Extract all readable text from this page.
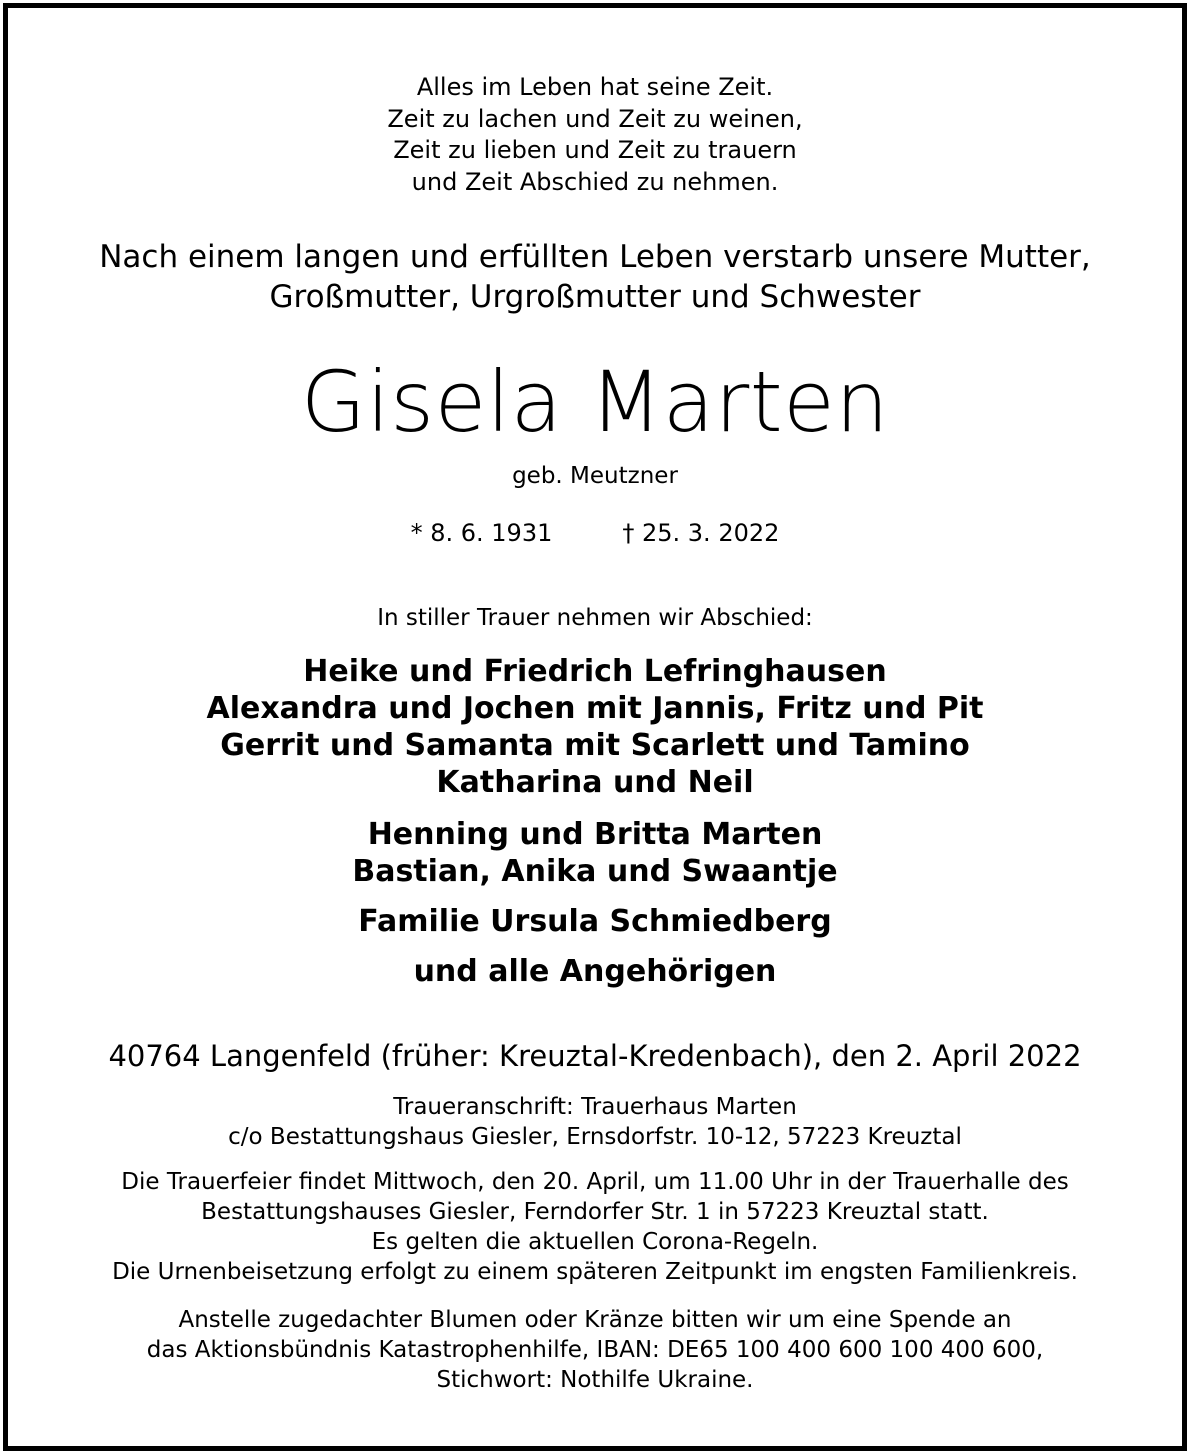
Alles im Leben hat seine Zeit.

Zeit zu lachen und Zeit zu weinen,

Zeit zu lieben und Zeit zu trauern

und Zeit Abschied zu nehmen.

Nach einem langen und erfüllten Leben verstarb unsere Mutter,

Großmutter, Urgroßmutter und Schwester

Gisela Marten

geb. Meutzner

* 8. 6. 1931	† 25. 3. 2022

In stiller Trauer nehmen wir Abschied:

Heike und Friedrich Lefringhausen

Alexandra und Jochen mit Jannis, Fritz und Pit

Gerrit und Samanta mit Scarlett und Tamino

Katharina und Neil

Henning und Britta Marten

Bastian, Anika und Swaantje

Familie Ursula Schmiedberg

und alle Angehörigen

40764 Langenfeld (früher: Kreuztal-Kredenbach), den 2. April 2022

Traueranschrift: Trauerhaus Marten

c/o Bestattungshaus Giesler, Ernsdorfstr. 10-12, 57223 Kreuztal

Die Trauerfeier findet Mittwoch, den 20. April, um 11.00 Uhr in der Trauerhalle des

Bestattungshauses Giesler, Ferndorfer Str. 1 in 57223 Kreuztal statt.

Es gelten die aktuellen Corona-Regeln.

Die Urnenbeisetzung erfolgt zu einem späteren Zeitpunkt im engsten Familienkreis.

Anstelle zugedachter Blumen oder Kränze bitten wir um eine Spende an

das Aktionsbündnis Katastrophenhilfe, IBAN: DE65 100 400 600 100 400 600,

Stichwort: Nothilfe Ukraine.
